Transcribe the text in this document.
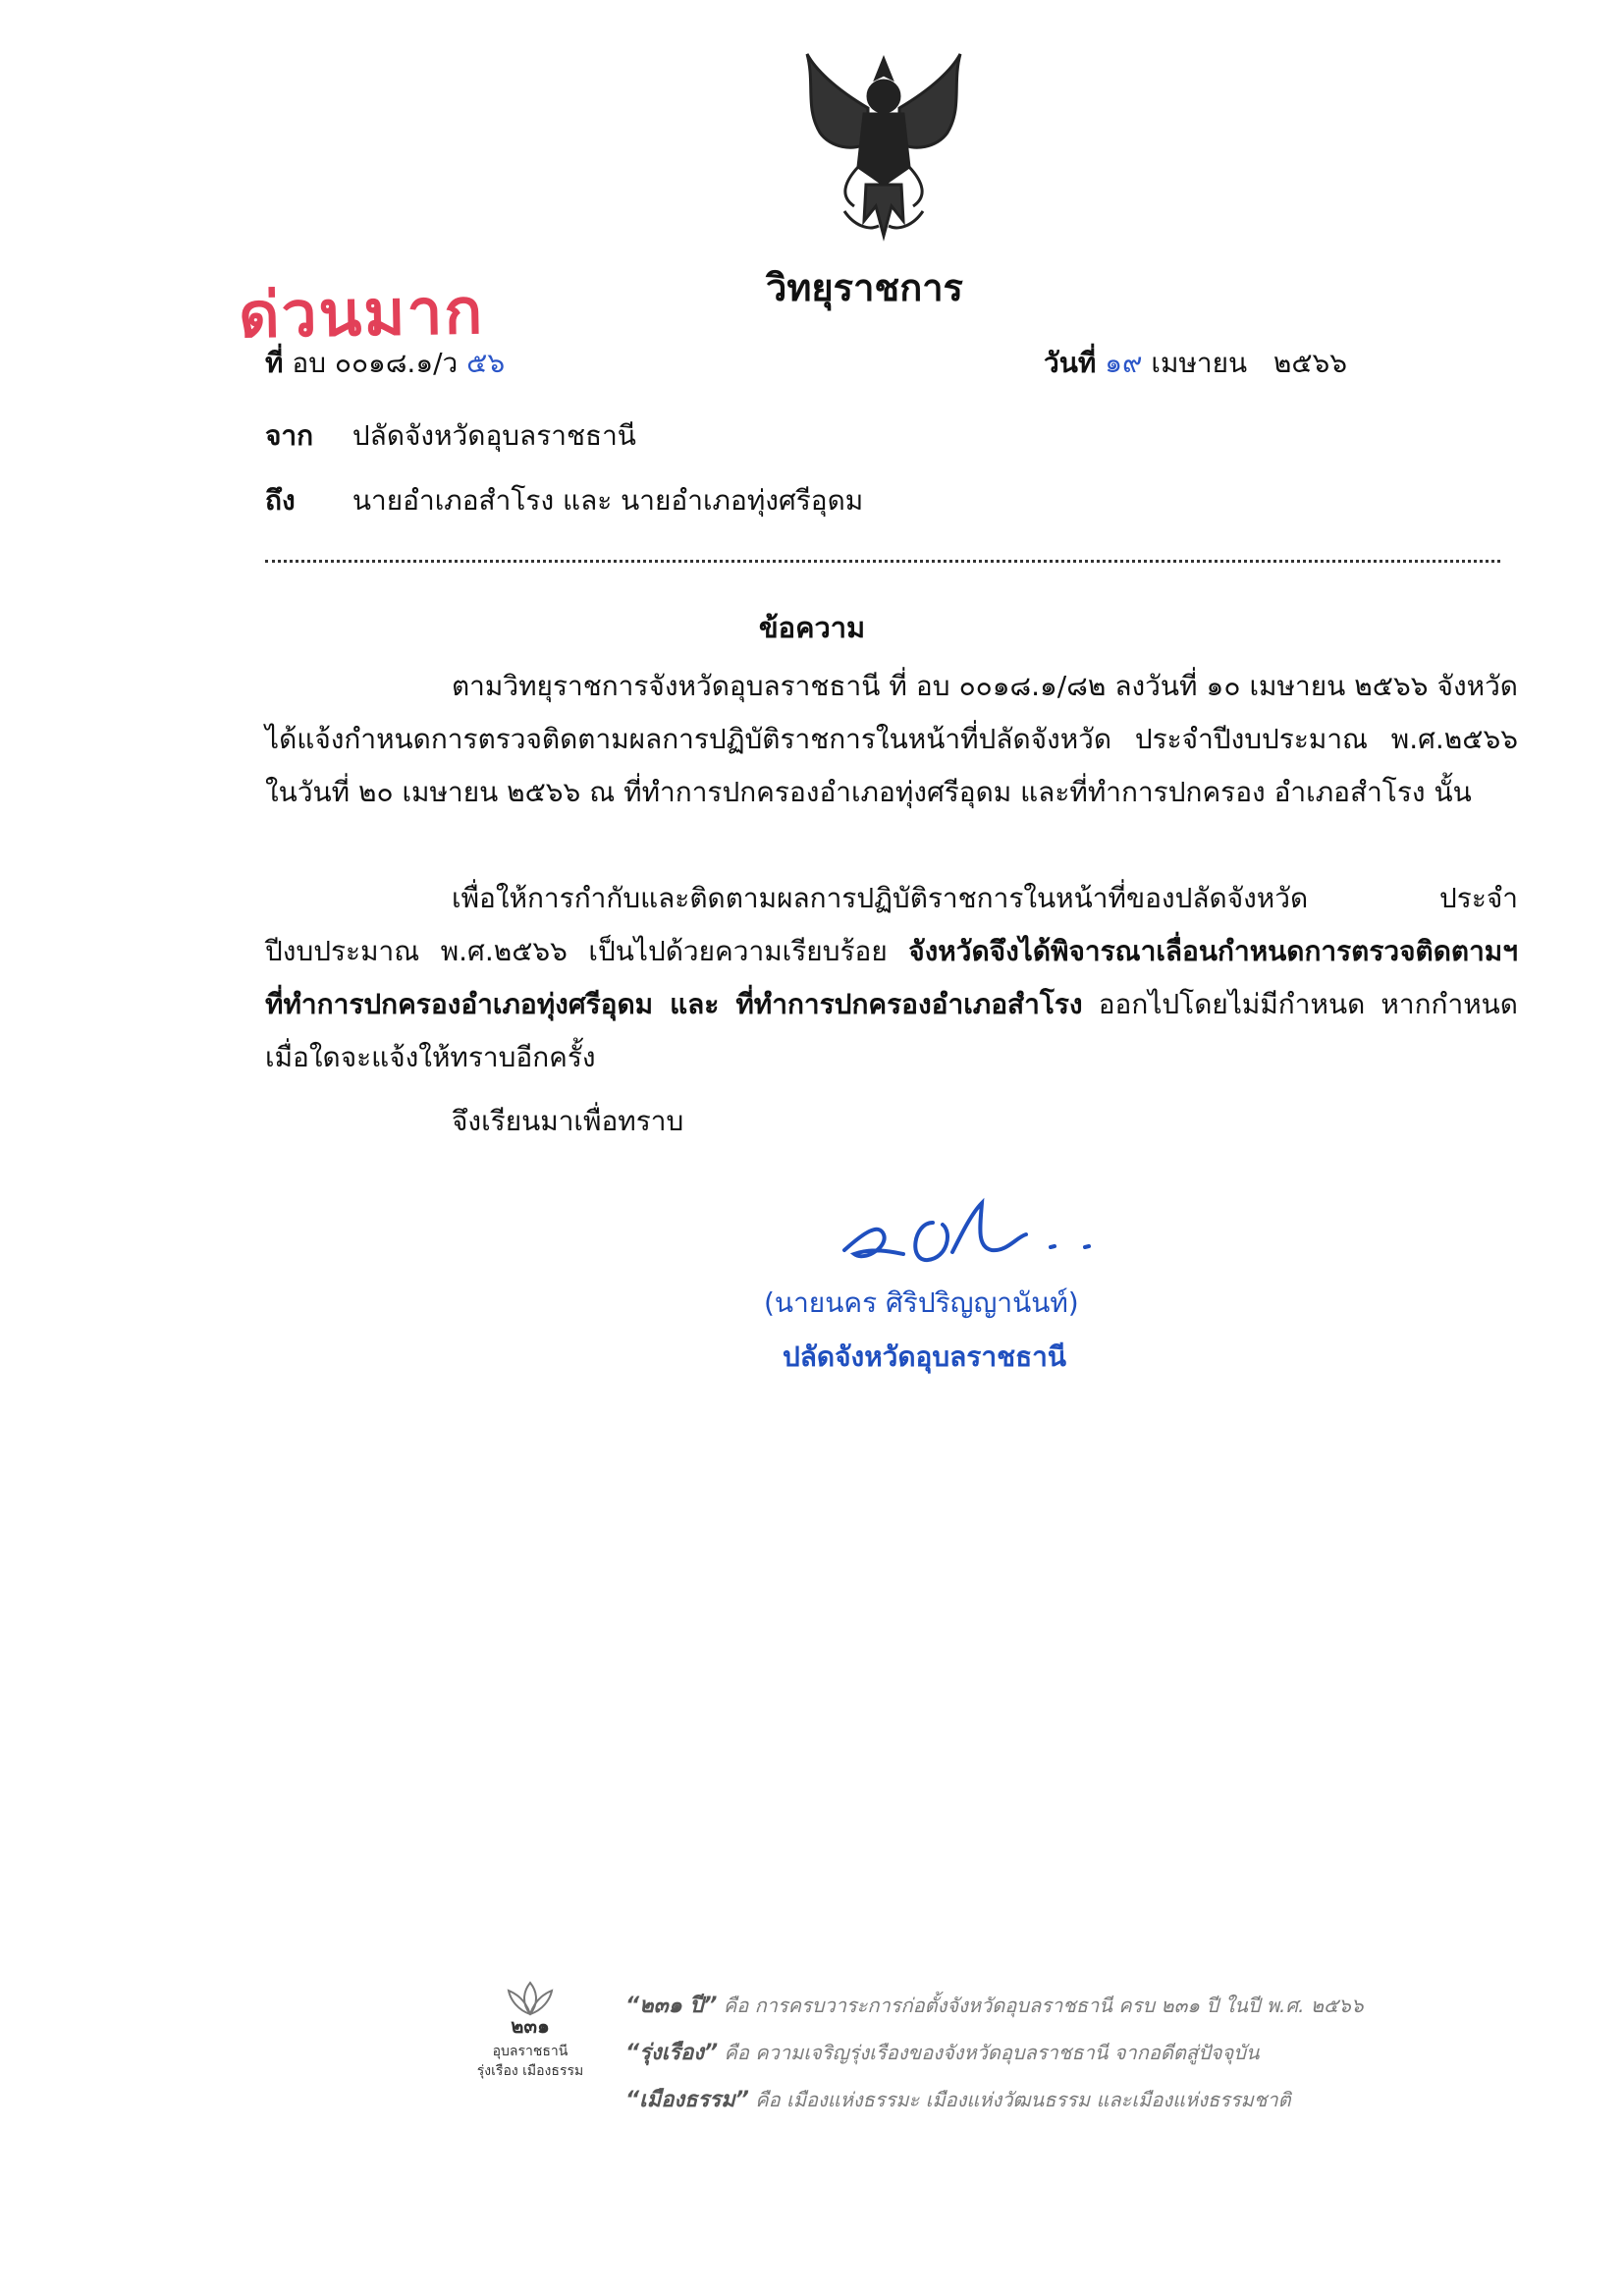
วิทยุราชการ
ด่วนมาก
ที่ อบ ๐๐๑๘.๑/ว ๕๖	วันที่ ๑๙ เมษายน   ๒๕๖๖
จาก ปลัดจังหวัดอุบลราชธานี
ถึง นายอำเภอสำโรง และ นายอำเภอทุ่งศรีอุดม
ข้อความ
ตามวิทยุราชการจังหวัดอุบลราชธานี ที่ อบ ๐๐๑๘.๑/๘๒ ลงวันที่ ๑๐ เมษายน ๒๕๖๖ จังหวัดได้แจ้งกำหนดการตรวจติดตามผลการปฏิบัติราชการในหน้าที่ปลัดจังหวัด ประจำปีงบประมาณ พ.ศ.๒๕๖๖ ในวันที่ ๒๐ เมษายน ๒๕๖๖ ณ ที่ทำการปกครองอำเภอทุ่งศรีอุดม และที่ทำการปกครอง อำเภอสำโรง นั้น
เพื่อให้การกำกับและติดตามผลการปฏิบัติราชการในหน้าที่ของปลัดจังหวัด ประจำปีงบประมาณ พ.ศ.๒๕๖๖ เป็นไปด้วยความเรียบร้อย จังหวัดจึงได้พิจารณาเลื่อนกำหนดการตรวจติดตามฯ ที่ทำการปกครองอำเภอทุ่งศรีอุดม และ ที่ทำการปกครองอำเภอสำโรง ออกไปโดยไม่มีกำหนด หากกำหนดเมื่อใดจะแจ้งให้ทราบอีกครั้ง
จึงเรียนมาเพื่อทราบ
(นายนคร ศิริปริญญานันท์)
ปลัดจังหวัดอุบลราชธานี
๒๓๑
อุบลราชธานี
รุ่งเรือง เมืองธรรม
“๒๓๑ ปี” คือ การครบวาระการก่อตั้งจังหวัดอุบลราชธานี ครบ ๒๓๑ ปี ในปี พ.ศ. ๒๕๖๖
“รุ่งเรือง” คือ ความเจริญรุ่งเรืองของจังหวัดอุบลราชธานี จากอดีตสู่ปัจจุบัน
“เมืองธรรม” คือ เมืองแห่งธรรมะ เมืองแห่งวัฒนธรรม และเมืองแห่งธรรมชาติ
